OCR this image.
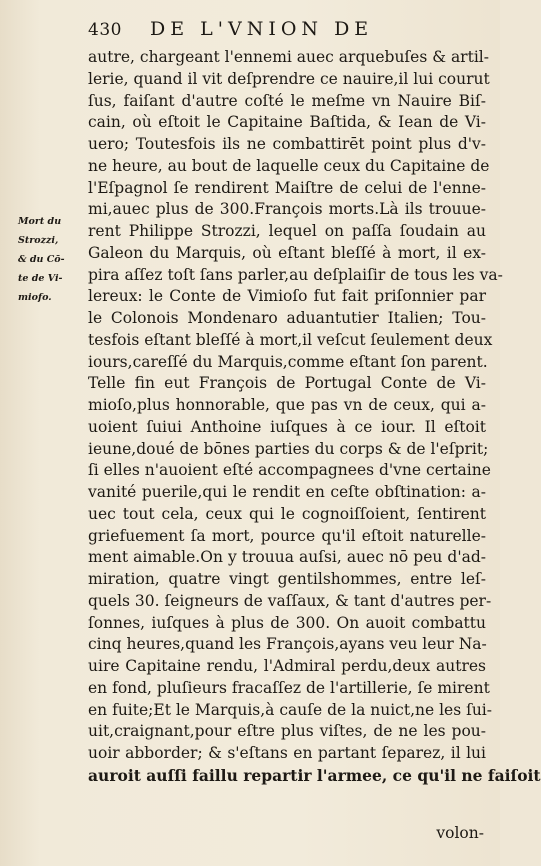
430 DE L'VNION DE
Mort du
Strozzi,
& du Cō-
te de Vi-
miofo.
autre, chargeant l'ennemi auec arquebuſes & artil-
lerie, quand il vit deſprendre ce nauire,il lui courut
ſus, faiſant d'autre coſté le meſme vn Nauire Biſ-
cain, où eſtoit le Capitaine Baſtida, & Iean de Vi-
uero; Toutesfois ils ne combattirēt point plus d'v-
ne heure, au bout de laquelle ceux du Capitaine de
l'Eſpagnol ſe rendirent Maiſtre de celui de l'enne-
mi,auec plus de 300.François morts.Là ils trouue-
rent Philippe Strozzi, lequel on paſſa ſoudain au
Galeon du Marquis, où eſtant bleſſé à mort, il ex-
pira aſſez toſt ſans parler,au deſplaiſir de tous les va-
lereux: le Conte de Vimioſo fut fait priſonnier par
le Colonois Mondenaro aduantutier Italien; Tou-
tesfois eſtant bleſſé à mort,il veſcut ſeulement deux
iours,careſſé du Marquis,comme eſtant ſon parent.
Telle fin eut François de Portugal Conte de Vi-
mioſo,plus honnorable, que pas vn de ceux, qui a-
uoient ſuiui Anthoine iuſques à ce iour. Il eſtoit
ieune,doué de bōnes parties du corps & de l'eſprit;
ſi elles n'auoient eſté accompagnees d'vne certaine
vanité puerile,qui le rendit en ceſte obſtination: a-
uec tout cela, ceux qui le cognoiſſoient, ſentirent
griefuement ſa mort, pource qu'il eſtoit naturelle-
ment aimable.On y trouua auſsi, auec nō peu d'ad-
miration, quatre vingt gentilshommes, entre leſ-
quels 30. ſeigneurs de vaſſaux, & tant d'autres per-
ſonnes, iuſques à plus de 300. On auoit combattu
cinq heures,quand les François,ayans veu leur Na-
uire Capitaine rendu, l'Admiral perdu,deux autres
en fond, pluſieurs fracaſſez de l'artillerie, ſe mirent
en fuite;Et le Marquis,à cauſe de la nuict,ne les ſui-
uit,craignant,pour eſtre plus viſtes, de ne les pou-
uoir abborder; & s'eſtans en partant ſeparez, il lui
auroit auſſi faillu repartir l'armee, ce qu'il ne faiſoit
volon-
